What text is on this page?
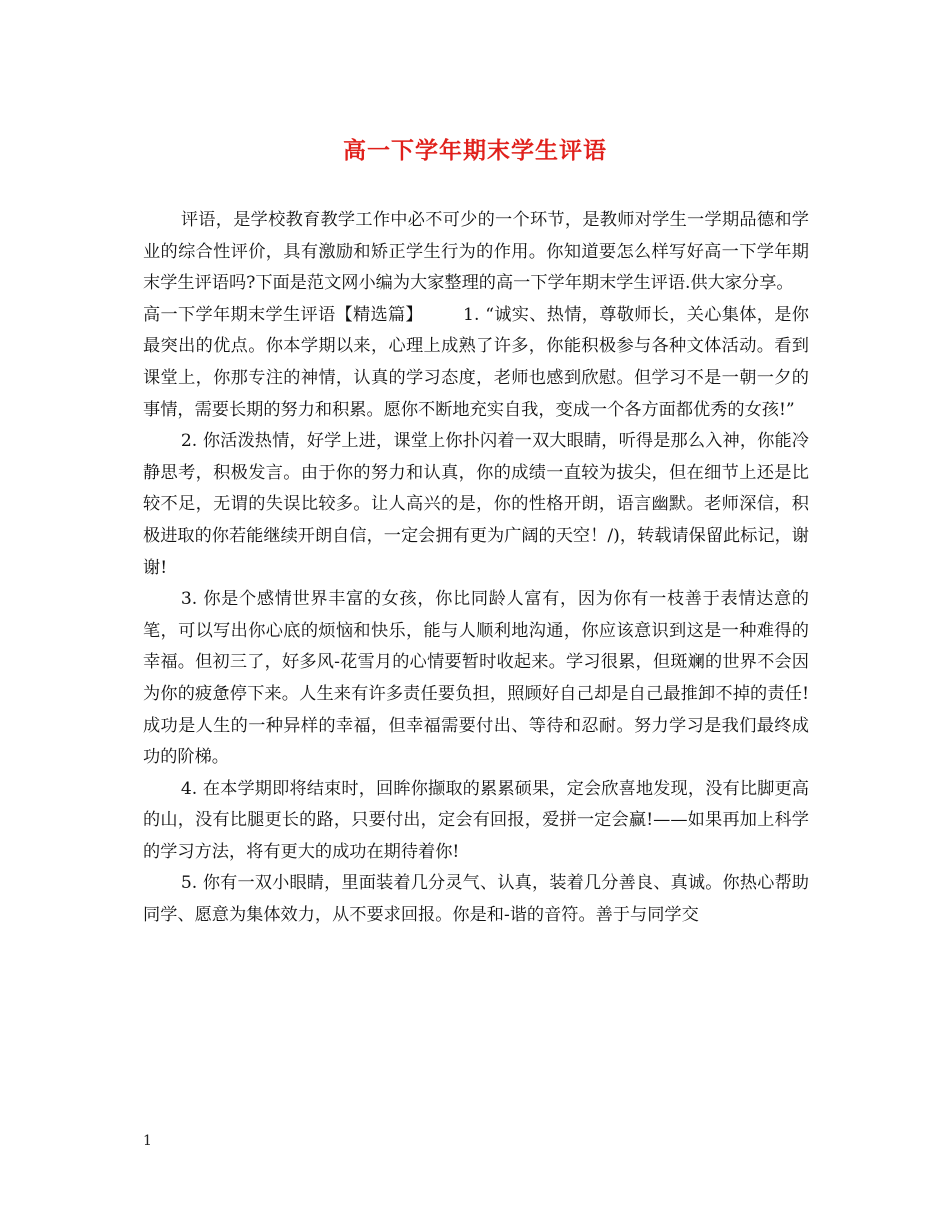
高一下学年期末学生评语

评语，是学校教育教学工作中必不可少的一个环节，是教师对学生一学期品德和学业的综合性评价，具有激励和矫正学生行为的作用。你知道要怎么样写好高一下学年期末学生评语吗?下面是范文网小编为大家整理的高一下学年期末学生评语.供大家分享。

高一下学年期末学生评语【精选篇】 1. “诚实、热情，尊敬师长，关心集体，是你最突出的优点。你本学期以来，心理上成熟了许多，你能积极参与各种文体活动。看到课堂上，你那专注的神情，认真的学习态度，老师也感到欣慰。但学习不是一朝一夕的事情，需要长期的努力和积累。愿你不断地充实自我，变成一个各方面都优秀的女孩!”

2. 你活泼热情，好学上进，课堂上你扑闪着一双大眼睛，听得是那么入神，你能冷静思考，积极发言。由于你的努力和认真，你的成绩一直较为拔尖，但在细节上还是比较不足，无谓的失误比较多。让人高兴的是，你的性格开朗，语言幽默。老师深信，积极进取的你若能继续开朗自信，一定会拥有更为广阔的天空！/)，转载请保留此标记，谢谢!

3. 你是个感情世界丰富的女孩，你比同龄人富有，因为你有一枝善于表情达意的笔，可以写出你心底的烦恼和快乐，能与人顺利地沟通，你应该意识到这是一种难得的幸福。但初三了，好多风-花雪月的心情要暂时收起来。学习很累，但斑斓的世界不会因为你的疲惫停下来。人生来有许多责任要负担，照顾好自己却是自己最推卸不掉的责任!成功是人生的一种异样的幸福，但幸福需要付出、等待和忍耐。努力学习是我们最终成功的阶梯。

4. 在本学期即将结束时，回眸你撷取的累累硕果，定会欣喜地发现，没有比脚更高的山，没有比腿更长的路，只要付出，定会有回报，爱拼一定会赢!——如果再加上科学的学习方法，将有更大的成功在期待着你!

5. 你有一双小眼睛，里面装着几分灵气、认真，装着几分善良、真诚。你热心帮助同学、愿意为集体效力，从不要求回报。你是和-谐的音符。善于与同学交

1
